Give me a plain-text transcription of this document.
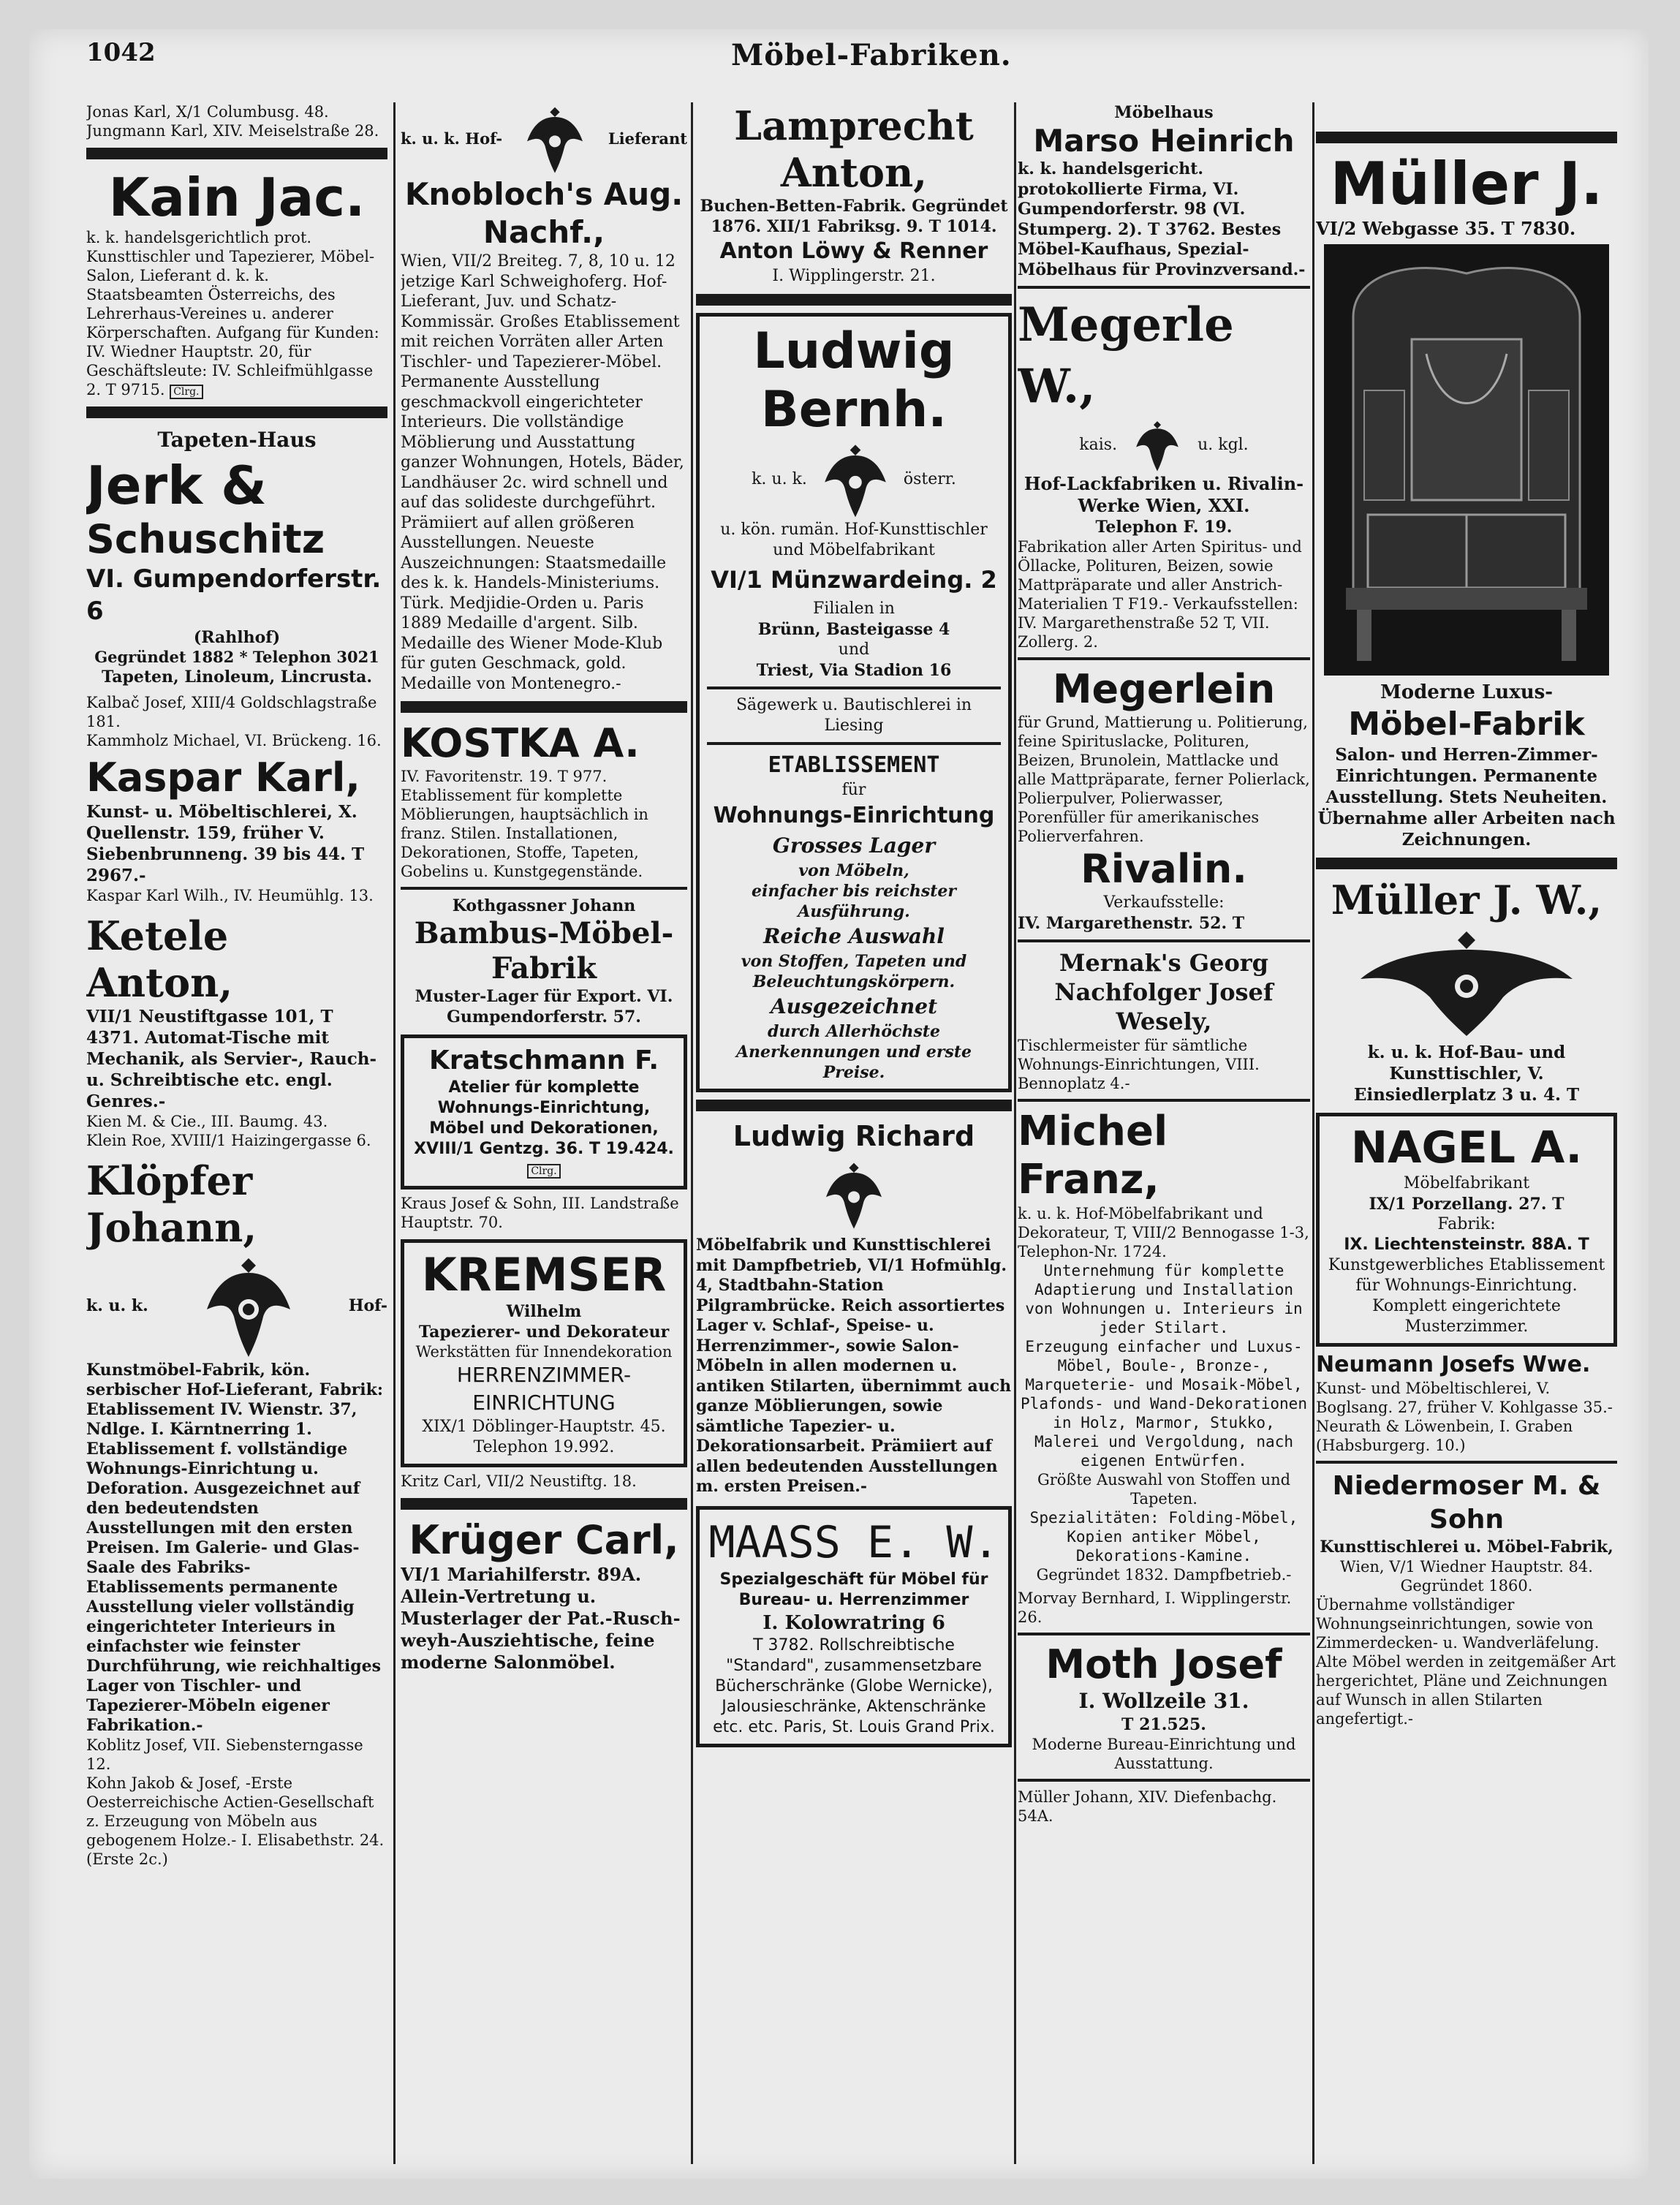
1042	Möbel-Fabriken.

Jonas Karl, X/1 Columbusg. 48.

Jungmann Karl, XIV. Meiselstraße 28.

Kain Jac.

k. k. handelsgerichtlich prot. Kunsttischler und Tapezierer, Möbel-Salon, Lieferant d. k. k. Staatsbeamten Österreichs, des Lehrerhaus-Vereines u. anderer Körperschaften. Aufgang für Kunden: IV. Wiedner Hauptstr. 20, für Geschäftsleute: IV. Schleifmühlgasse 2. T 9715. Clrg.

Tapeten-Haus

Jerk &

Schuschitz

VI. Gumpendorferstr. 6

(Rahlhof)

Gegründet 1882 * Telephon 3021

Tapeten, Linoleum, Lincrusta.

Kalbač Josef, XIII/4 Goldschlagstraße 181.

Kammholz Michael, VI. Brückeng. 16.

Kaspar Karl,

Kunst- u. Möbeltischlerei, X. Quellenstr. 159, früher V. Siebenbrunneng. 39 bis 44. T 2967.-

Kaspar Karl Wilh., IV. Heumühlg. 13.

Ketele Anton,

VII/1 Neustiftgasse 101, T 4371. Automat-Tische mit Mechanik, als Servier-, Rauch- u. Schreibtische etc. engl. Genres.-

Kien M. & Cie., III. Baumg. 43.

Klein Roe, XVIII/1 Haizingergasse 6.

Klöpfer Johann,

k. u. k.	Hof-

Kunstmöbel-Fabrik, kön. serbischer Hof-Lieferant, Fabrik: Etablissement IV. Wienstr. 37, Ndlge. I. Kärntnerring 1. Etablissement f. vollständige Wohnungs-Einrichtung u. Deforation. Ausgezeichnet auf den bedeutendsten Ausstellungen mit den ersten Preisen. Im Galerie- und Glas-Saale des Fabriks-Etablissements permanente Ausstellung vieler vollständig eingerichteter Interieurs in einfachster wie feinster Durchführung, wie reichhaltiges Lager von Tischler- und Tapezierer-Möbeln eigener Fabrikation.-

Koblitz Josef, VII. Siebensterngasse 12.

Kohn Jakob & Josef, -Erste Oesterreichische Actien-Gesellschaft z. Erzeugung von Möbeln aus gebogenem Holze.- I. Elisabethstr. 24. (Erste 2c.)

k. u. k. Hof-	Lieferant

Knobloch's Aug. Nachf.,

Wien, VII/2 Breiteg. 7, 8, 10 u. 12 jetzige Karl Schweighoferg. Hof-Lieferant, Juv. und Schatz-Kommissär. Großes Etablissement mit reichen Vorräten aller Arten Tischler- und Tapezierer-Möbel. Permanente Ausstellung geschmackvoll eingerichteter Interieurs. Die vollständige Möblierung und Ausstattung ganzer Wohnungen, Hotels, Bäder, Landhäuser 2c. wird schnell und auf das solideste durchgeführt. Prämiiert auf allen größeren Ausstellungen. Neueste Auszeichnungen: Staatsmedaille des k. k. Handels-Ministeriums. Türk. Medjidie-Orden u. Paris 1889 Medaille d'argent. Silb. Medaille des Wiener Mode-Klub für guten Geschmack, gold. Medaille von Montenegro.-

KOSTKA A.

IV. Favoritenstr. 19. T 977. Etablissement für komplette Möblierungen, hauptsächlich in franz. Stilen. Installationen, Dekorationen, Stoffe, Tapeten, Gobelins u. Kunstgegenstände.

Kothgassner Johann

Bambus-Möbel-Fabrik

Muster-Lager für Export. VI. Gumpendorferstr. 57.

Kratschmann F.

Atelier für komplette Wohnungs-Einrichtung, Möbel und Dekorationen, XVIII/1 Gentzg. 36. T 19.424.

Clrg.

Kraus Josef & Sohn, III. Landstraße Hauptstr. 70.

KREMSER

Wilhelm

Tapezierer- und Dekorateur

Werkstätten für Innendekoration

HERRENZIMMER-EINRICHTUNG

XIX/1 Döblinger-Hauptstr. 45.

Telephon 19.992.

Kritz Carl, VII/2 Neustiftg. 18.

Krüger Carl,

VI/1 Mariahilferstr. 89A. Allein-Vertretung u. Musterlager der Pat.-Rusch-weyh-Ausziehtische, feine moderne Salonmöbel.

Lamprecht Anton,

Buchen-Betten-Fabrik. Gegründet 1876. XII/1 Fabriksg. 9. T 1014.

Anton Löwy & Renner

I. Wipplingerstr. 21.

Ludwig Bernh.

k. u. k.	österr.

u. kön. rumän. Hof-Kunsttischler

und Möbelfabrikant

VI/1 Münzwardeing. 2

Filialen in

Brünn, Basteigasse 4

und

Triest, Via Stadion 16

Sägewerk u. Bautischlerei in Liesing

ETABLISSEMENT

für

Wohnungs-Einrichtung

Grosses Lager

von Möbeln,

einfacher bis reichster

Ausführung.

Reiche Auswahl

von Stoffen, Tapeten und Beleuchtungskörpern.

Ausgezeichnet

durch Allerhöchste Anerkennungen und erste Preise.

Ludwig Richard

Möbelfabrik und Kunsttischlerei mit Dampfbetrieb, VI/1 Hofmühlg. 4, Stadtbahn-Station Pilgrambrücke. Reich assortiertes Lager v. Schlaf-, Speise- u. Herrenzimmer-, sowie Salon-Möbeln in allen modernen u. antiken Stilarten, übernimmt auch ganze Möblierungen, sowie sämtliche Tapezier- u. Dekorationsarbeit. Prämiiert auf allen bedeutenden Ausstellungen m. ersten Preisen.-

MAASS E. W.

Spezialgeschäft für Möbel für Bureau- u. Herrenzimmer

I. Kolowratring 6

T 3782. Rollschreibtische "Standard", zusammensetzbare Bücherschränke (Globe Wernicke), Jalousieschränke, Aktenschränke etc. etc. Paris, St. Louis Grand Prix.

Möbelhaus

Marso Heinrich

k. k. handelsgericht. protokollierte Firma, VI. Gumpendorferstr. 98 (VI. Stumperg. 2). T 3762. Bestes Möbel-Kaufhaus, Spezial-Möbelhaus für Provinzversand.-

Megerle W.,

kais.	u. kgl.

Hof-Lackfabriken u. Rivalin-Werke Wien, XXI.

Telephon F. 19.

Fabrikation aller Arten Spiritus- und Öllacke, Polituren, Beizen, sowie Mattpräparate und aller Anstrich-Materialien T F19.- Verkaufsstellen: IV. Margarethenstraße 52 T, VII. Zollerg. 2.

Megerlein

für Grund, Mattierung u. Politierung, feine Spirituslacke, Polituren, Beizen, Brunolein, Mattlacke und alle Mattpräparate, ferner Polierlack, Polierpulver, Polierwasser, Porenfüller für amerikanisches Polierverfahren.

Rivalin.

Verkaufsstelle:

IV. Margarethenstr. 52. T

Mernak's Georg

Nachfolger Josef Wesely,

Tischlermeister für sämtliche Wohnungs-Einrichtungen, VIII. Bennoplatz 4.-

Michel Franz,

k. u. k. Hof-Möbelfabrikant und Dekorateur, T, VIII/2 Bennogasse 1-3, Telephon-Nr. 1724.

Unternehmung für komplette Adaptierung und Installation von Wohnungen u. Interieurs in jeder Stilart.

Erzeugung einfacher und Luxus-Möbel, Boule-, Bronze-, Marqueterie- und Mosaik-Möbel, Plafonds- und Wand-Dekorationen in Holz, Marmor, Stukko, Malerei und Vergoldung, nach eigenen Entwürfen.

Größte Auswahl von Stoffen und Tapeten.

Spezialitäten: Folding-Möbel, Kopien antiker Möbel, Dekorations-Kamine.

Gegründet 1832. Dampfbetrieb.-

Morvay Bernhard, I. Wipplingerstr. 26.

Moth Josef

I. Wollzeile 31.

T 21.525.

Moderne Bureau-Einrichtung und Ausstattung.

Müller Johann, XIV. Diefenbachg. 54A.

Müller J.

VI/2 Webgasse 35. T 7830.

Moderne Luxus-

Möbel-Fabrik

Salon- und Herren-Zimmer-Einrichtungen. Permanente Ausstellung. Stets Neuheiten. Übernahme aller Arbeiten nach Zeichnungen.

Müller J. W.,

k. u. k. Hof-Bau- und Kunsttischler, V. Einsiedlerplatz 3 u. 4. T

NAGEL A.

Möbelfabrikant

IX/1 Porzellang. 27. T

Fabrik:

IX. Liechtensteinstr. 88A. T

Kunstgewerbliches Etablissement für Wohnungs-Einrichtung.

Komplett eingerichtete Musterzimmer.

Neumann Josefs Wwe.

Kunst- und Möbeltischlerei, V. Boglsang. 27, früher V. Kohlgasse 35.-

Neurath & Löwenbein, I. Graben (Habsburgerg. 10.)

Niedermoser M. & Sohn

Kunsttischlerei u. Möbel-Fabrik,

Wien, V/1 Wiedner Hauptstr. 84. Gegründet 1860.

Übernahme vollständiger Wohnungseinrichtungen, sowie von Zimmerdecken- u. Wandverläfelung. Alte Möbel werden in zeitgemäßer Art hergerichtet, Pläne und Zeichnungen auf Wunsch in allen Stilarten angefertigt.-
